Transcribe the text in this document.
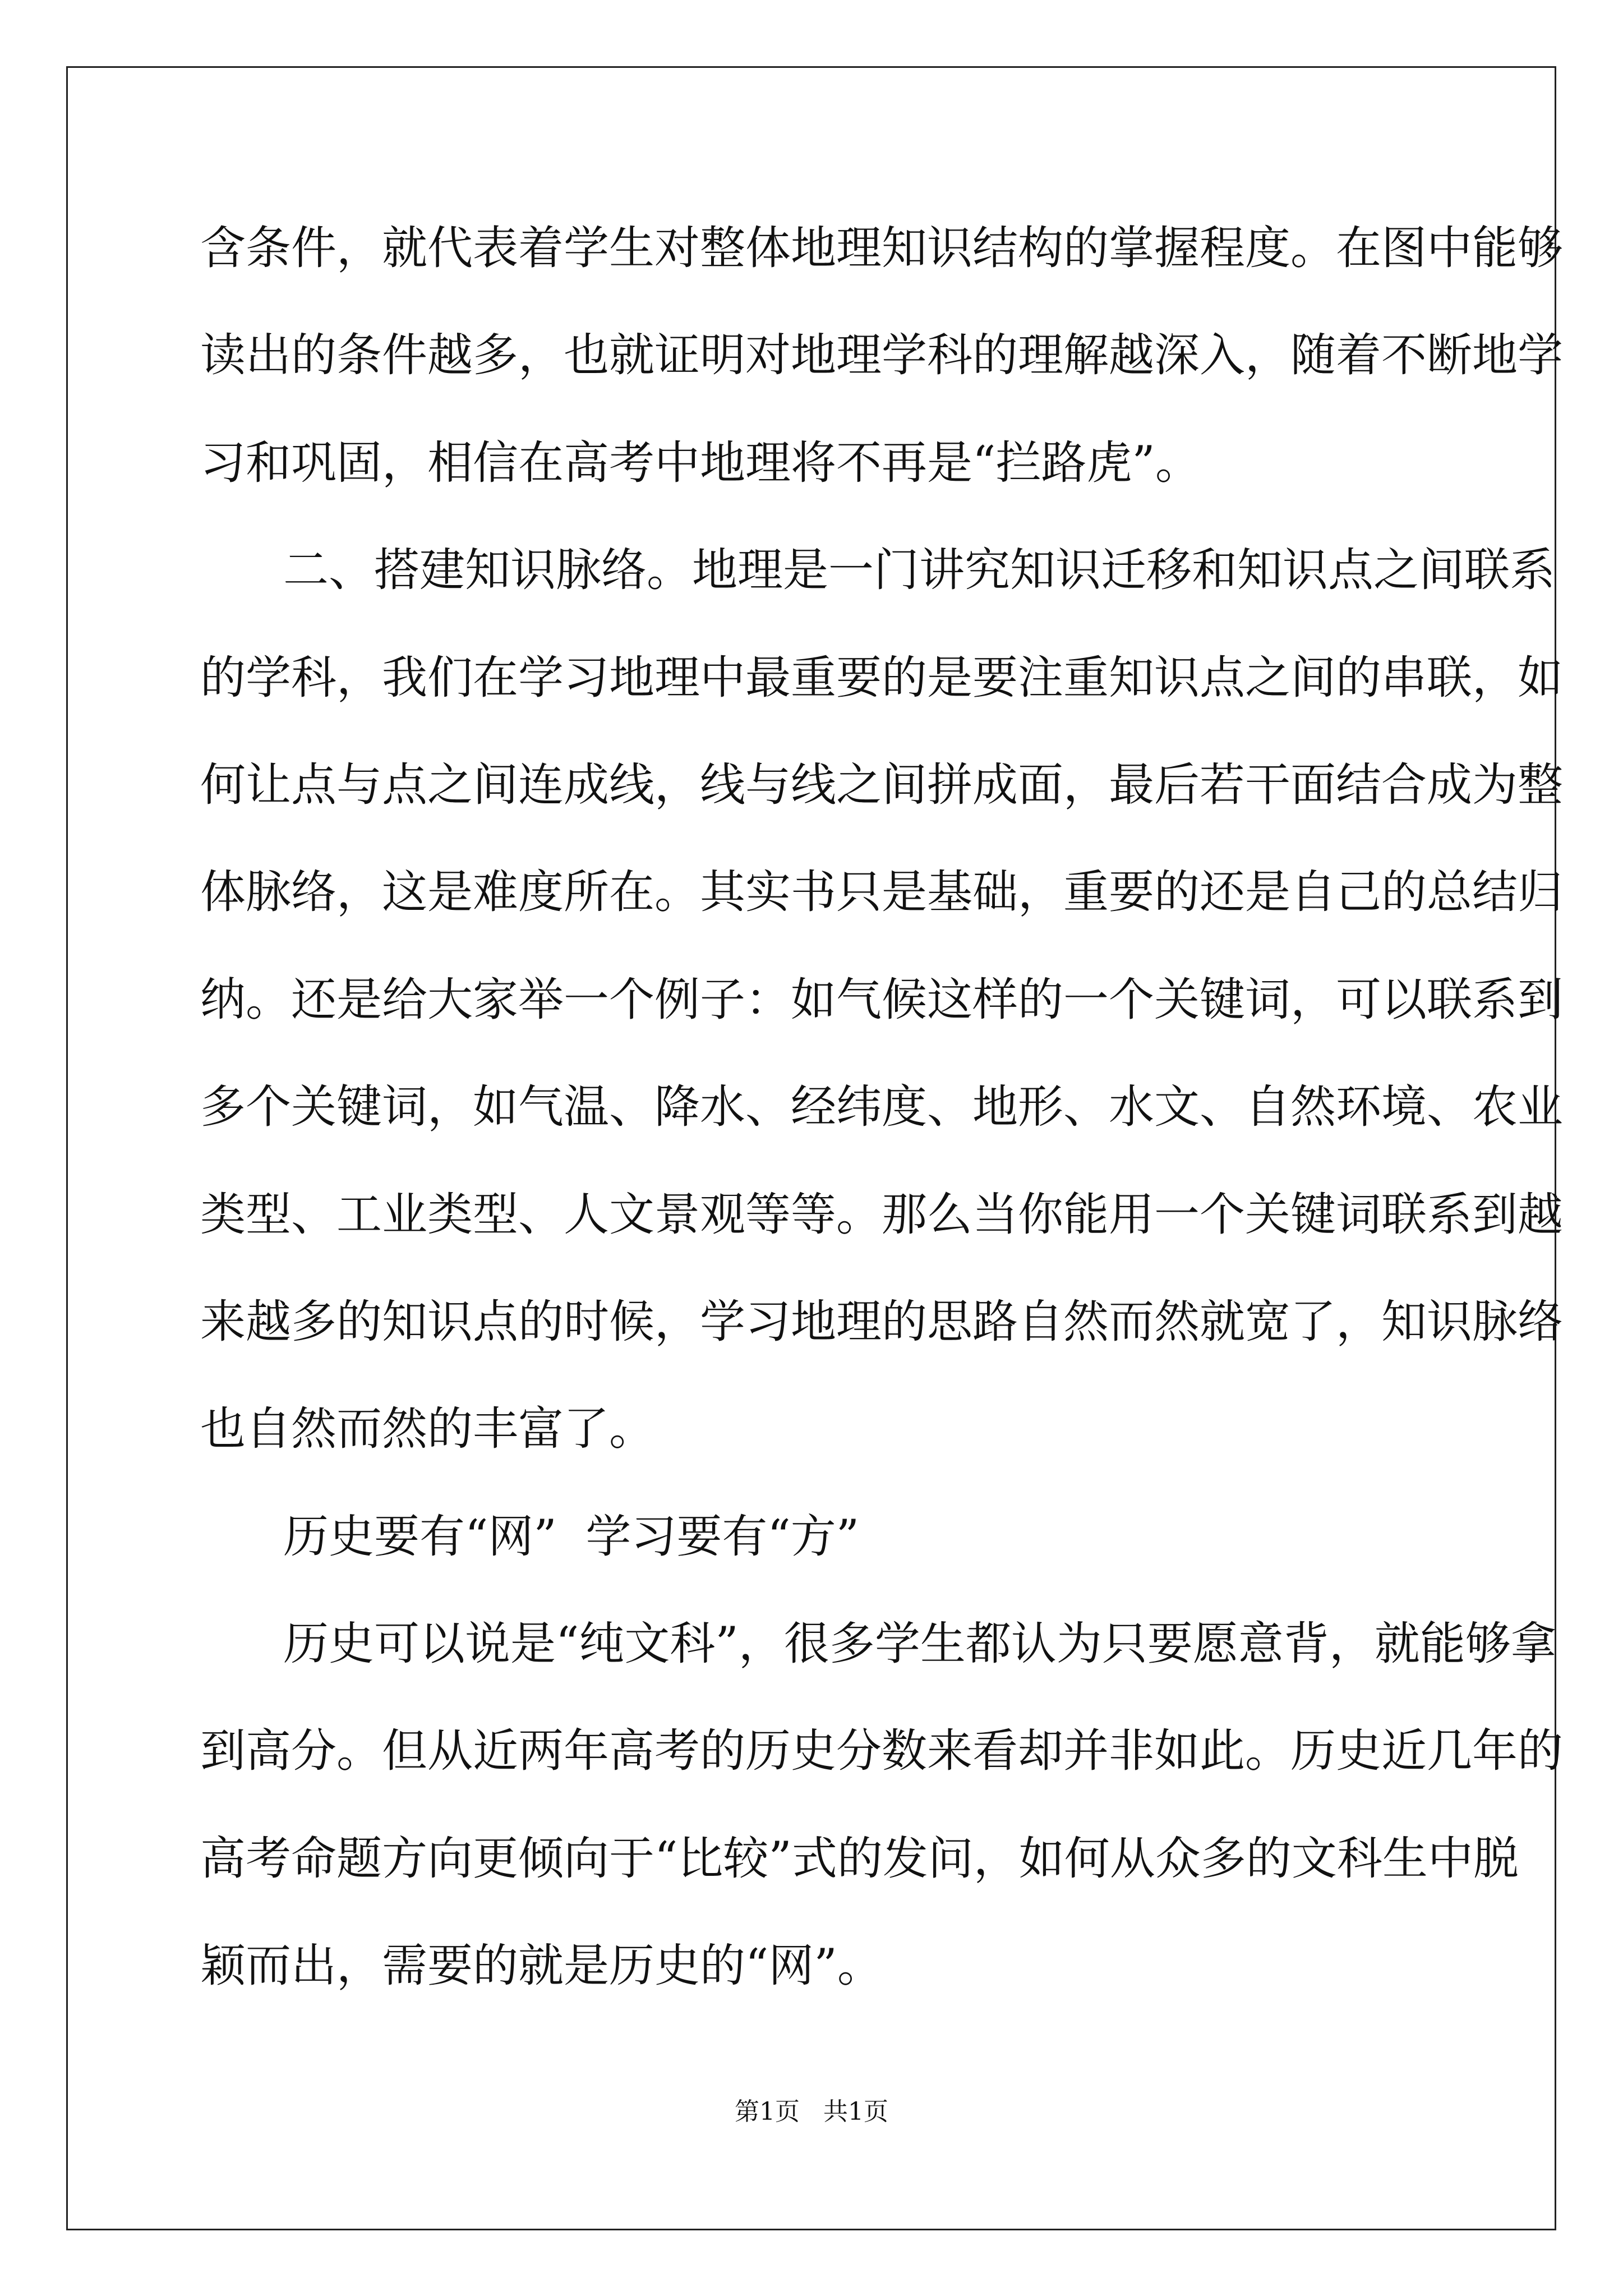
含条件，就代表着学生对整体地理知识结构的掌握程度。在图中能够
读出的条件越多，也就证明对地理学科的理解越深入，随着不断地学
习和巩固，相信在高考中地理将不再是“拦路虎”。
二、搭建知识脉络。地理是一门讲究知识迁移和知识点之间联系
的学科，我们在学习地理中最重要的是要注重知识点之间的串联，如
何让点与点之间连成线，线与线之间拼成面，最后若干面结合成为整
体脉络，这是难度所在。其实书只是基础，重要的还是自己的总结归
纳。还是给大家举一个例子：如气候这样的一个关键词，可以联系到
多个关键词，如气温、降水、经纬度、地形、水文、自然环境、农业
类型、工业类型、人文景观等等。那么当你能用一个关键词联系到越
来越多的知识点的时候，学习地理的思路自然而然就宽了，知识脉络
也自然而然的丰富了。
历史要有“网”  学习要有“方”
历史可以说是“纯文科”，很多学生都认为只要愿意背，就能够拿
到高分。但从近两年高考的历史分数来看却并非如此。历史近几年的
高考命题方向更倾向于“比较”式的发问，如何从众多的文科生中脱
颖而出，需要的就是历史的“网”。
第1页   共1页
